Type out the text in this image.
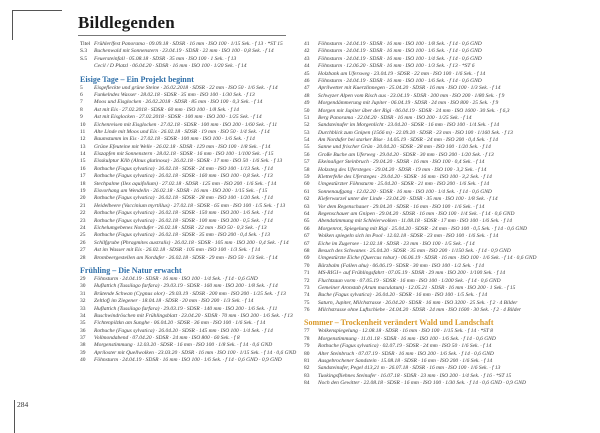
Bildlegenden
Titel Frühlerlfest Panorama · 09.09.18 · SDSR · 16 mm · ISO 100 · 1/15 Sek. · f 13 · *ST 15
S.3	Buchenwald mit Sonnenstern · 23.04.19 · SDSR · 22 mm · ISO 100 · 0,8 Sek. · f 14
S.5	Feuersteinfall · 05.08.18 · SDSR · 35 mm · ISO 100 · 1 Sek. · f 13
Cecil / D Platzl · 06.04.20 · SDSR · 16 mm · ISO 100 · 1/20 Sek. · f 14
Eisige Tage – Ein Projekt beginnt
5	Eisgefleckte und grüne Steine · 26.02.2018 · SDSR · 22 mm · ISO 50 · 1/6 Sek. · f 14
6	Funkelndes Wasser · 28.02.18 · SDSR · 35 mm · ISO 100 · 1/30 Sek. · f 13
7	Moos und Eisglocken · 26.02.2018 · SDSR · 85 mm · ISO 100 · 0,3 Sek. · f 14
8	Ast mit Eis · 27.02.2018 · SDSR · 60 mm · ISO 100 · 1/8 Sek. · f 14
9	Ast mit Eisglocken · 27.02.2018 · SDSR · 100 mm · ISO 200 · 1/25 Sek. · f 14
10	Eichenreisen mit Eisglocken · 27.02.18 · SDSR · 100 mm · ISO 200 · 1/60 Sek. · f 11
11	Alte Linde mit Moos und Eis · 26.02.18 · SDSR · 19 mm · ISO 50 · 1/4 Sek. · f 14
12	Baumstumm im Eis · 27.02.18 · SDSR · 100 mm · ISO 100 · 1/6 Sek. · f 14
13	Grüne Efeuteine mit Welle · 26.02.18 · SDSR · 129 mm · ISO 100 · 1/8 Sek. · f 14
14	Eiszapfen mit Sonnenstern · 28.02.18 · SDSR · 16 mm · ISO 100 · 1/100 Sek. · f 15
15	Eisskulptur Klib (Alnus glutinosa) · 26.02.18 · SDSR · 17 mm · ISO 50 · 1/6 Sek. · f 13
16	Rotbuche (Fagus sylvatica) · 26.02.18 · SDSR · 24 mm · ISO 100 · 1/13 Sek. · f 14
17	Rotbuche (Fagus sylvatica) · 26.02.18 · SDSR · 160 mm · ISO 100 · 0,8 Sek. · f 13
18	Stechpalme (Ilex aquifolium) · 27.02.18 · SDSR · 125 mm · ISO 200 · 1/6 Sek. · f 14
19	Eisvorhang am Wendelin · 26.02.18 · SDSR · 16 mm · ISO 200 · 1/15 Sek. · f 15
20	Rotbuche (Fagus sylvatica) · 26.02.18 · SDSR · 28 mm · ISO 100 · 1/20 Sek. · f 14
21	Heidelbeere (Vaccinium myrtillus) · 27.02.18 · SDSR · 65 mm · ISO 100 · 1/5 Sek. · f 13
22	Rotbuche (Fagus sylvatica) · 26.02.18 · SDSR · 150 mm · ISO 200 · 1/6 Sek. · f 14
23	Rotbuche (Fagus sylvatica) · 26.02.18 · SDSR · 100 mm · ISO 200 · 0,5 Sek. · f 14
24	Eichelumgebenes Nordufer · 26.02.18 · SDSR · 22 mm · ISO 50 · 0,3 Sek. · f 13
25	Rotbuche (Fagus sylvatica) · 26.02.18 · SDSR · 35 mm · ISO 200 · 0,4 Sek. · f 13
26	Schilfgrube (Phragmites australis) · 26.02.18 · SDSR · 105 mm · ISO 200 · 0,4 Sek. · f 14
27	Ast im Wasser mit Eis · 26.02.18 · SDSR · 105 mm · ISO 100 · 1/3 Sek. · f 14
28	Brombeergestellen am Nordufer · 26.02.18 · SDSR · 29 mm · ISO 50 · 1/3 Sek. · f 14
Frühling – Die Natur erwacht
29	Föhnsturm · 24.04.19 · SDSR · 16 mm · ISO 100 · 1/4 Sek. · f 14 · 0,6 GND
30	Huflattich (Tussilago farfara) · 29.03.19 · SDSR · 160 mm · ISO 200 · 1/8 Sek. · f 14
31	Brütende Schwan (Cygnus olor) · 29.03.19 · SDSR · 200 mm · ISO 200 · 1/25 Sek. · f 13
32	Zeltlofj im Ziegener · 18.04.18 · SDSR · 20 mm · ISO 200 · 1/3 Sek. · f 14
33	Huflattich (Tussilago farfara) · 29.03.19 · SDSR · 140 mm · ISO 200 · 1/6 Sek. · f 11
34	Buschwindröschen mit Frühlingsblatt · 23.04.20 · SDSR · 70 mm · ISO 200 · 1/6 Sek. · f 13
35	Fichtenpilzkn am Sunghe · 06.04.20 · SDSR · 36 mm · ISO 100 · 1/6 Sek. · f 14
36	Rotbuche (Fagus sylvatica) · 26.04.20 · SDSR · 145 mm · ISO 100 · 1/4 Sek. · f 14
37	Vollmondabend · 07.04.20 · SDSR · 24 mm · ISO 800 · 60 Sek. · f 8
38	Morgenstimmung · 12.03.20 · SDSR · 16 mm · ISO 100 · 1/8 Sek. · f 14 · 0,6 GND
39	Apriloster mit Quellwolken · 23.03.20 · SDSR · 16 mm · ISO 100 · 1/15 Sek. · f 14 · 0,6 GND
40	Föhnsturm · 24.04.19 · SDSR · 16 mm · ISO 100 · 1/6 Sek. · f 14 · 0,6 GND · 0,9 GND
41	Föhnsturm · 24.04.19 · SDSR · 16 mm · ISO 100 · 1/8 Sek. · f 14 · 0,6 GND
42	Föhnsturm · 24.04.19 · SDSR · 16 mm · ISO 100 · 1/6 Sek. · f 14 · 0,6 GND
43	Föhnsturm · 24.04.19 · SDSR · 16 mm · ISO 100 · 1/4 Sek. · f 14 · 0,6 GND
44	Föhnsturm · 12.06.20 · SDSR · 16 mm · ISO 100 · 1/3 Sek. · f 13 · *ST 6
45	Holzbank am Ufersweg · 23.04.19 · SDSR · 22 mm · ISO 100 · 1/6 Sek. · f 14
46	Föhnsturm · 24.04.19 · SDSR · 16 mm · ISO 100 · 1/6 Sek. · f 14 · 0,6 GND
47	Aprilwetter mit Kuerzlinnegen · 25.04.20 · SDSR · 16 mm · ISO 100 · 1/3 Sek. · f 14
48	Schwyzer Alpen vom Risch aus · 23.04.19 · SDSR · 200 mm · ISO 200 · 1/80 Sek. · f 9
49	Morgendämmerung mit Jupiter · 06.04.19 · SDSR · 24 mm · ISO 800 · 25 Sek. · f 9
50	Morgen mit Jupiter über der Rigi · 06.04.19 · SDSR · 24 mm · ISO 1600 · 30 Sek. · f 6,3
51	Berg Panorama · 22.04.20 · SDSR · 16 mm · ISO 200 · 1/25 Sek. · f 14
52	Sandsteinufer im Morgenlicht · 23.04.20 · SDSR · 16 mm · ISO 100 · 1/4 Sek. · f 14
53	Durchblick zum Gnipen (1566 m) · 22.09.20 · SDSR · 23 mm · ISO 100 · 1/160 Sek. · f 13
54	Am Nordufer bei starker Bise · 14.05.19 · SDSR · 24 mm · ISO 200 · 0,4 Sek. · f 14
55	Sanne und frischer Grün · 20.04.20 · SDSR · 28 mm · ISO 100 · 1/20 Sek. · f 14
56	Große Buche am Uferweg · 29.04.20 · SDSR · 30 mm · ISO 200 · 1/20 Sek. · f 13
57	Ekeinaliger Steinbruch · 29.04.20 · SDSR · 16 mm · ISO 100 · 0,4 Sek. · f 14
58	Holzsteg des Ufersteges · 29.04.20 · SDSR · 19 mm · ISO 100 · 3,2 Sek. · f 14
59	Kletterfelle des Ufersteges · 29.04.20 · SDSR · 16 mm · ISO 100 · 3,2 Sek. · f 14
60	Umgestürzter Föhnsturm · 25.04.20 · SDSR · 21 mm · ISO 200 · 1/6 Sek. · f 14
61	Sonnenaufgang · 12.02.20 · SDSR · 16 mm · ISO 100 · 1/4 Sek. · f 14 · 0,6 GND
62	Kieferwurzel unter der Linde · 23.04.20 · SDSR · 35 mm · ISO 100 · 1/8 Sek. · f 14
63	Vor dem Regenschauer · 29.04.20 · SDSR · 16 mm · ISO 100 · 1/6 Sek. · f 14
64	Regenschauer am Gnipen · 29.04.20 · SDSR · 16 mm · ISO 100 · 1/4 Sek. · f 14 · 0,6 GND
65	Abendstimmung mit Schleierwolken · 11.08.18 · SDSR · 17 mm · ISO 100 · 1/6 Sek. · f 14
66	Morgenrot, Spiegelung mit Rigi · 25.04.20 · SDSR · 24 mm · ISO 100 · 0,5 Sek. · f 14 · 0,6 GND
67	Wolken spiegeln sich im Pool · 12.02.18 · SDSR · 23 mm · ISO 100 · 1/6 Sek. · f 14
67	Eiche im Zugersee · 12.02.18 · SDSR · 23 mm · ISO 100 · 1/5 Sek. · f 14
68	Besuch des Schwanes · 25.04.20 · SDSR · 35 mm · ISO 200 · 1/150 Sek. · f 14 · 0,9 GND
69	Umgestürzte Eiche (Quercus robur) · 06.06.19 · SDSR · 16 mm · ISO 100 · 1/6 Sek. · f 14 · 0,6 GND
70	Bärzbalm (Fallen ahu) · 06.06.19 · SDSR · 30 mm · ISO 100 · 1/2 Sek. · f 14
71	MS-RIGI+ auf Frühlingsfahrt · 07.05.19 · SDSR · 29 mm · ISO 200 · 1/100 Sek. · f 14
72	Fluchtzaun vorm · 07.05.19 · SDSR · 16 mm · ISO 100 · 1/200 Sek. · f 14 · 0,6 GND
73	Gemeiner Aronstab (Arum maculatum) · 12.05.21 · SDSR · 16 mm · ISO 200 · 1 Sek. · f 15
74	Buche (Fagus sylvatica) · 26.04.20 · SDSR · 16 mm · ISO 100 · 1/5 Sek. · f 14
75	Saturn, Jupiter, Milchstrasse · 26.04.20 · SDSR · 16 mm · ISO 3200 · 25 Sek. · f 2 · 4 Bilder
76	Milchstrasse ohne Luftschiebe · 24.04.20 · SDSR · 24 mm · ISO 1600 · 30 Sek. · f 2 · 4 Bilder
Sommer – Trockenheit verändert Wald und Landschaft
77	Wolkenspiegelung · 12.08.18 · SDSR · 16 mm · ISO 100 · 1/15 Sek. · f 14 · *ST 8
78	Morgenstimmung · 11.01.18 · SDSR · 16 mm · ISO 100 · 1/6 Sek. · f 14 · 0,6 GND
79	Rotbuche (Fagus sylvatica) · 02.07.19 · SDSR · 24 mm · ISO 50 · 1/6 Sek. · f 14
80	Alter Steinbruch · 07.07.19 · SDSR · 16 mm · ISO 200 · 1/6 Sek. · f 14 · 0,6 GND
81	Ausgebrochener Sandstein · 15.08.18 · SDSR · 16 mm · ISO 200 · 1/6 Sek. · f 14
82	Sandsteinufer, Pegel 413,21 m · 26.07.18 · SDSR · 16 mm · ISO 100 · 1/6 Sek. · f 13
83	Tuokingsfliehnes Steinufer · 16.07.18 · SDSR · 23 mm · ISO 200 · 1/4 Sek. · f 16 · *ST 15
84	Noch den Gewitter · 22.08.18 · SDSR · 16 mm · ISO 100 · 1/30 Sek. · f 14 · 0,6 GND · 0,9 GND
284
